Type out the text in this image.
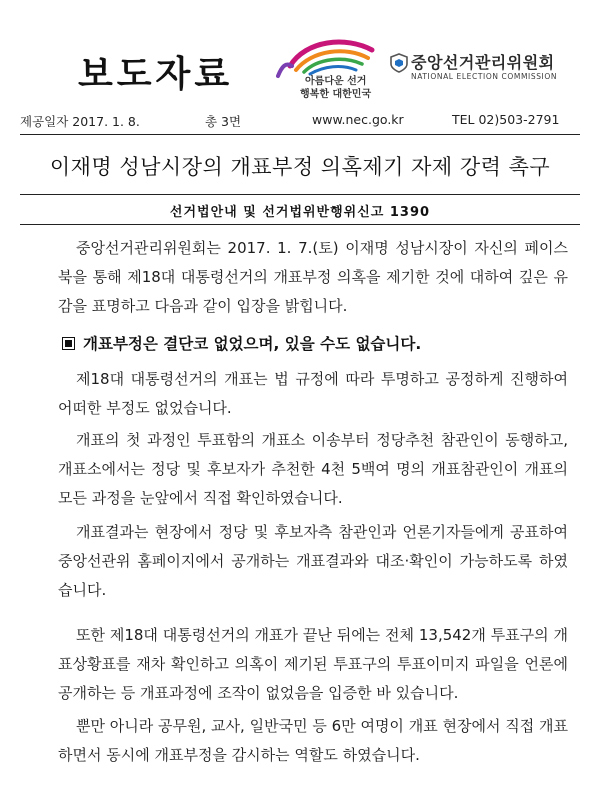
보도자료	아름다운 선거
행복한 대한민국
중앙선거관리위원회
NATIONAL ELECTION COMMISSION
제공일자 2017. 1. 8.	총 3면	www.nec.go.kr	TEL 02)503-2791
이재명 성남시장의 개표부정 의혹제기 자제 강력 촉구
선거법안내 및 선거법위반행위신고 1390

중앙선거관리위원회는 2017. 1. 7.(토) 이재명 성남시장이 자신의 페이스북을 통해 제18대 대통령선거의 개표부정 의혹을 제기한 것에 대하여 깊은 유감을 표명하고 다음과 같이 입장을 밝힙니다.

개표부정은 결단코 없었으며, 있을 수도 없습니다.

제18대 대통령선거의 개표는 법 규정에 따라 투명하고 공정하게 진행하여 어떠한 부정도 없었습니다.

개표의 첫 과정인 투표함의 개표소 이송부터 정당추천 참관인이 동행하고, 개표소에서는 정당 및 후보자가 추천한 4천 5백여 명의 개표참관인이 개표의 모든 과정을 눈앞에서 직접 확인하였습니다.

개표결과는 현장에서 정당 및 후보자측 참관인과 언론기자들에게 공표하여 중앙선관위 홈페이지에서 공개하는 개표결과와 대조·확인이 가능하도록 하였습니다.

또한 제18대 대통령선거의 개표가 끝난 뒤에는 전체 13,542개 투표구의 개표상황표를 재차 확인하고 의혹이 제기된 투표구의 투표이미지 파일을 언론에 공개하는 등 개표과정에 조작이 없었음을 입증한 바 있습니다.

뿐만 아니라 공무원, 교사, 일반국민 등 6만 여명이 개표 현장에서 직접 개표하면서 동시에 개표부정을 감시하는 역할도 하였습니다.
